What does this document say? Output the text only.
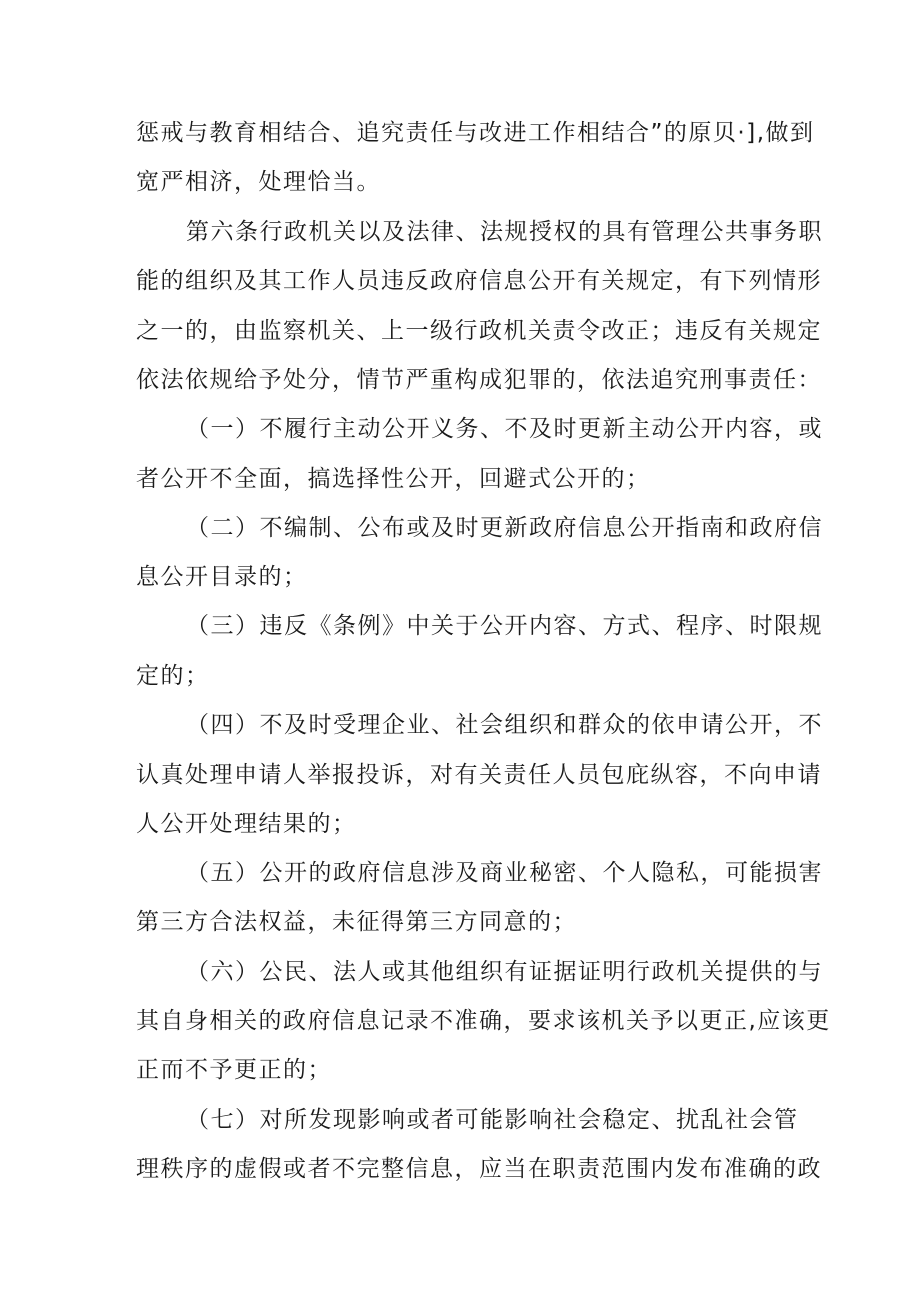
惩戒与教育相结合、追究责任与改进工作相结合”的原贝·],做到
宽严相济，处理恰当。
第六条行政机关以及法律、法规授权的具有管理公共事务职
能的组织及其工作人员违反政府信息公开有关规定，有下列情形
之一的，由监察机关、上一级行政机关责令改正；违反有关规定
依法依规给予处分，情节严重构成犯罪的，依法追究刑事责任：
（一）不履行主动公开义务、不及时更新主动公开内容，或
者公开不全面，搞选择性公开，回避式公开的；
（二）不编制、公布或及时更新政府信息公开指南和政府信
息公开目录的；
（三）违反《条例》中关于公开内容、方式、程序、时限规
定的；
（四）不及时受理企业、社会组织和群众的依申请公开，不
认真处理申请人举报投诉，对有关责任人员包庇纵容，不向申请
人公开处理结果的；
（五）公开的政府信息涉及商业秘密、个人隐私，可能损害
第三方合法权益，未征得第三方同意的；
（六）公民、法人或其他组织有证据证明行政机关提供的与
其自身相关的政府信息记录不准确，要求该机关予以更正,应该更
正而不予更正的；
（七）对所发现影响或者可能影响社会稳定、扰乱社会管
理秩序的虚假或者不完整信息，应当在职责范围内发布准确的政
